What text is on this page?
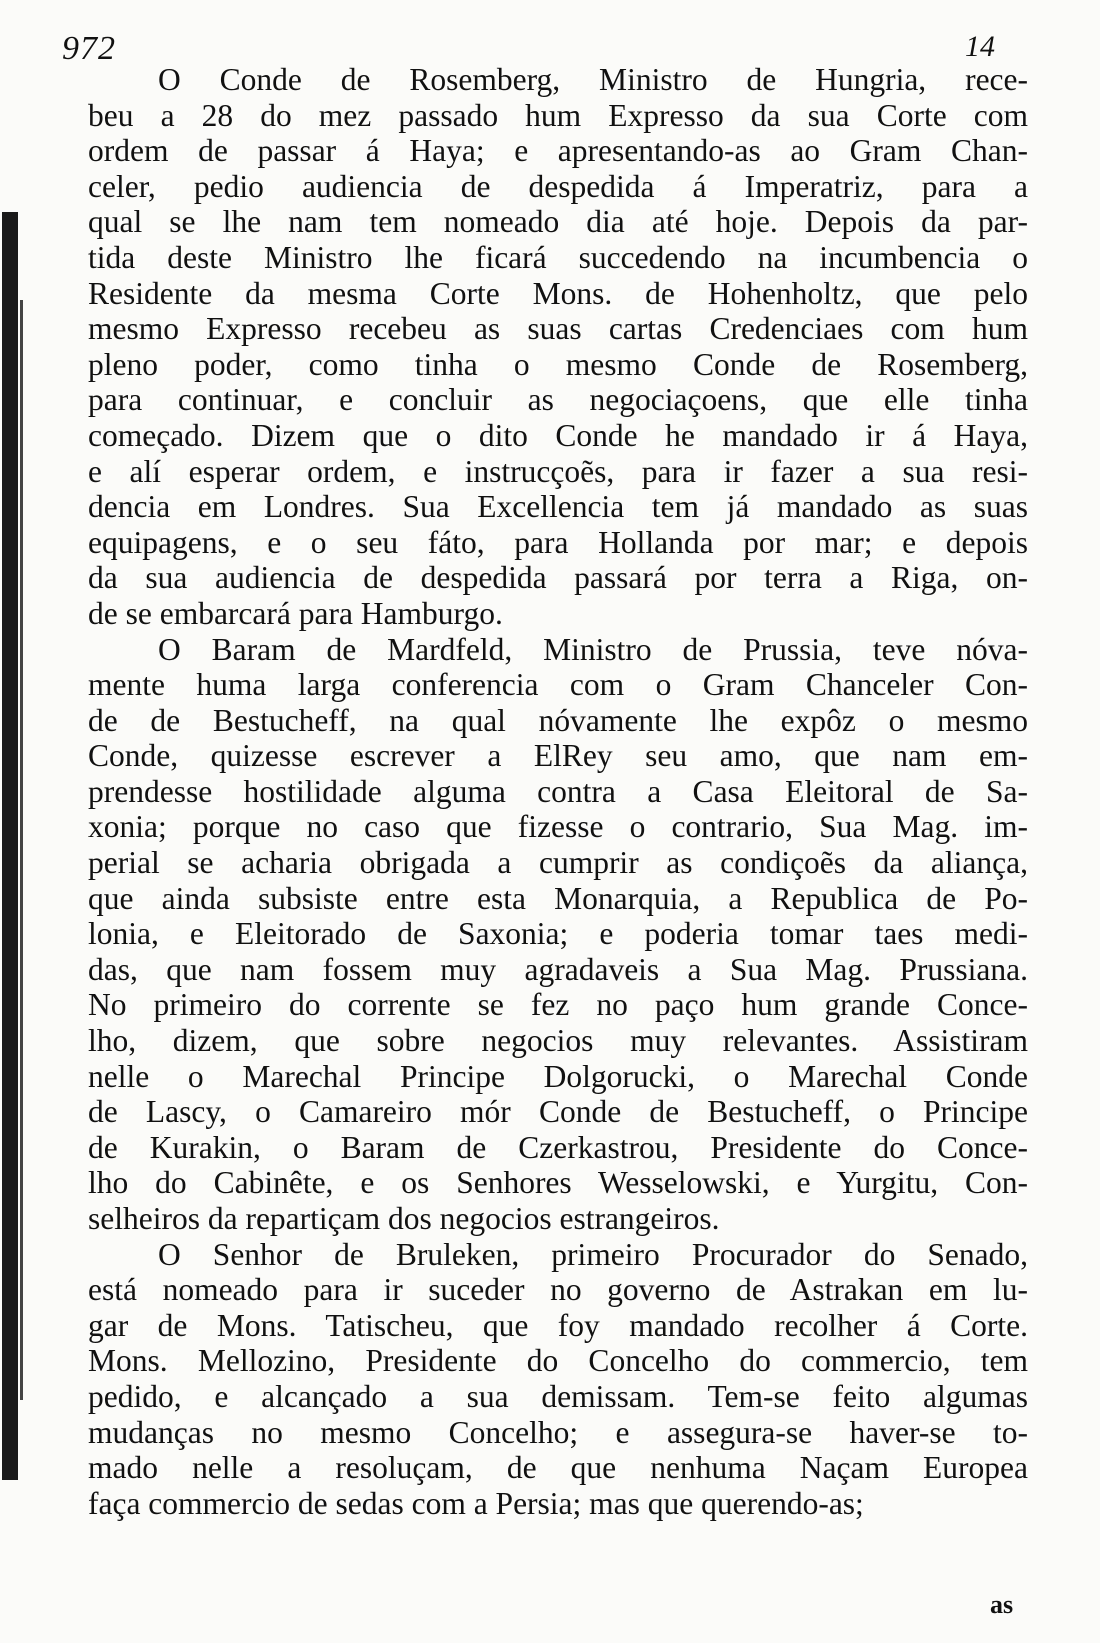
972	14
O Conde de Rosemberg, Ministro de Hungria, rece-
beu a 28 do mez passado hum Expresso da sua Corte com
ordem de passar á Haya; e apresentando-as ao Gram Chan-
celer, pedio audiencia de despedida á Imperatriz, para a
qual se lhe nam tem nomeado dia até hoje. Depois da par-
tida deste Ministro lhe ficará succedendo na incumbencia o
Residente da mesma Corte Mons. de Hohenholtz, que pelo
mesmo Expresso recebeu as suas cartas Credenciaes com hum
pleno poder, como tinha o mesmo Conde de Rosemberg,
para continuar, e concluir as negociaçoens, que elle tinha
começado. Dizem que o dito Conde he mandado ir á Haya,
e alí esperar ordem, e instrucçoẽs, para ir fazer a sua resi-
dencia em Londres. Sua Excellencia tem já mandado as suas
equipagens, e o seu fáto, para Hollanda por mar; e depois
da sua audiencia de despedida passará por terra a Riga, on-
de se embarcará para Hamburgo.
O Baram de Mardfeld, Ministro de Prussia, teve nóva-
mente huma larga conferencia com o Gram Chanceler Con-
de de Bestucheff, na qual nóvamente lhe expôz o mesmo
Conde, quizesse escrever a ElRey seu amo, que nam em-
prendesse hostilidade alguma contra a Casa Eleitoral de Sa-
xonia; porque no caso que fizesse o contrario, Sua Mag. im-
perial se acharia obrigada a cumprir as condiçoẽs da aliança,
que ainda subsiste entre esta Monarquia, a Republica de Po-
lonia, e Eleitorado de Saxonia; e poderia tomar taes medi-
das, que nam fossem muy agradaveis a Sua Mag. Prussiana.
No primeiro do corrente se fez no paço hum grande Conce-
lho, dizem, que sobre negocios muy relevantes. Assistiram
nelle o Marechal Principe Dolgorucki, o Marechal Conde
de Lascy, o Camareiro mór Conde de Bestucheff, o Principe
de Kurakin, o Baram de Czerkastrou, Presidente do Conce-
lho do Cabinête, e os Senhores Wesselowski, e Yurgitu, Con-
selheiros da repartiçam dos negocios estrangeiros.
O Senhor de Bruleken, primeiro Procurador do Senado,
está nomeado para ir suceder no governo de Astrakan em lu-
gar de Mons. Tatischeu, que foy mandado recolher á Corte.
Mons. Mellozino, Presidente do Concelho do commercio, tem
pedido, e alcançado a sua demissam. Tem-se feito algumas
mudanças no mesmo Concelho; e assegura-se haver-se to-
mado nelle a resoluçam, de que nenhuma Naçam Europea
faça commercio de sedas com a Persia; mas que querendo-as;
as
